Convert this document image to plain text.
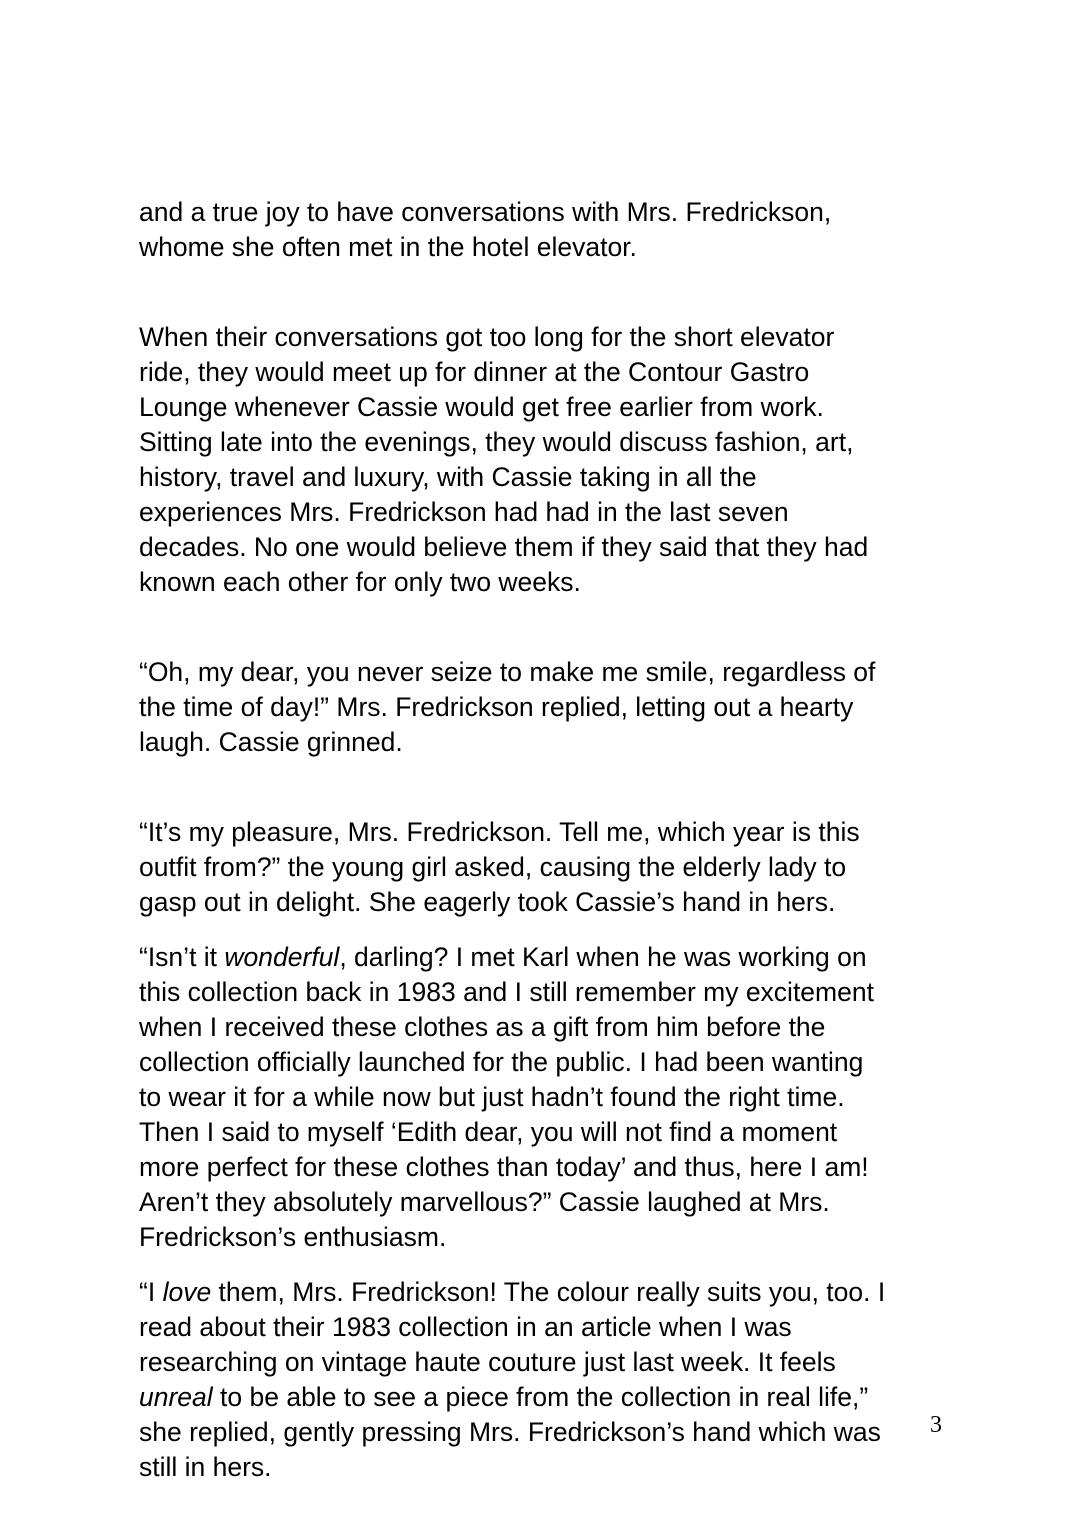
and a true joy to have conversations with Mrs. Fredrickson,
whome she often met in the hotel elevator.

When their conversations got too long for the short elevator
ride, they would meet up for dinner at the Contour Gastro
Lounge whenever Cassie would get free earlier from work.
Sitting late into the evenings, they would discuss fashion, art,
history, travel and luxury, with Cassie taking in all the
experiences Mrs. Fredrickson had had in the last seven
decades. No one would believe them if they said that they had
known each other for only two weeks.

“Oh, my dear, you never seize to make me smile, regardless of
the time of day!” Mrs. Fredrickson replied, letting out a hearty
laugh. Cassie grinned.

“It’s my pleasure, Mrs. Fredrickson. Tell me, which year is this
outfit from?” the young girl asked, causing the elderly lady to
gasp out in delight. She eagerly took Cassie’s hand in hers.

“Isn’t it wonderful, darling? I met Karl when he was working on
this collection back in 1983 and I still remember my excitement
when I received these clothes as a gift from him before the
collection officially launched for the public. I had been wanting
to wear it for a while now but just hadn’t found the right time.
Then I said to myself ‘Edith dear, you will not find a moment
more perfect for these clothes than today’ and thus, here I am!
Aren’t they absolutely marvellous?” Cassie laughed at Mrs.
Fredrickson’s enthusiasm.

“I love them, Mrs. Fredrickson! The colour really suits you, too. I
read about their 1983 collection in an article when I was
researching on vintage haute couture just last week. It feels
unreal to be able to see a piece from the collection in real life,”
she replied, gently pressing Mrs. Fredrickson’s hand which was
still in hers.

3
